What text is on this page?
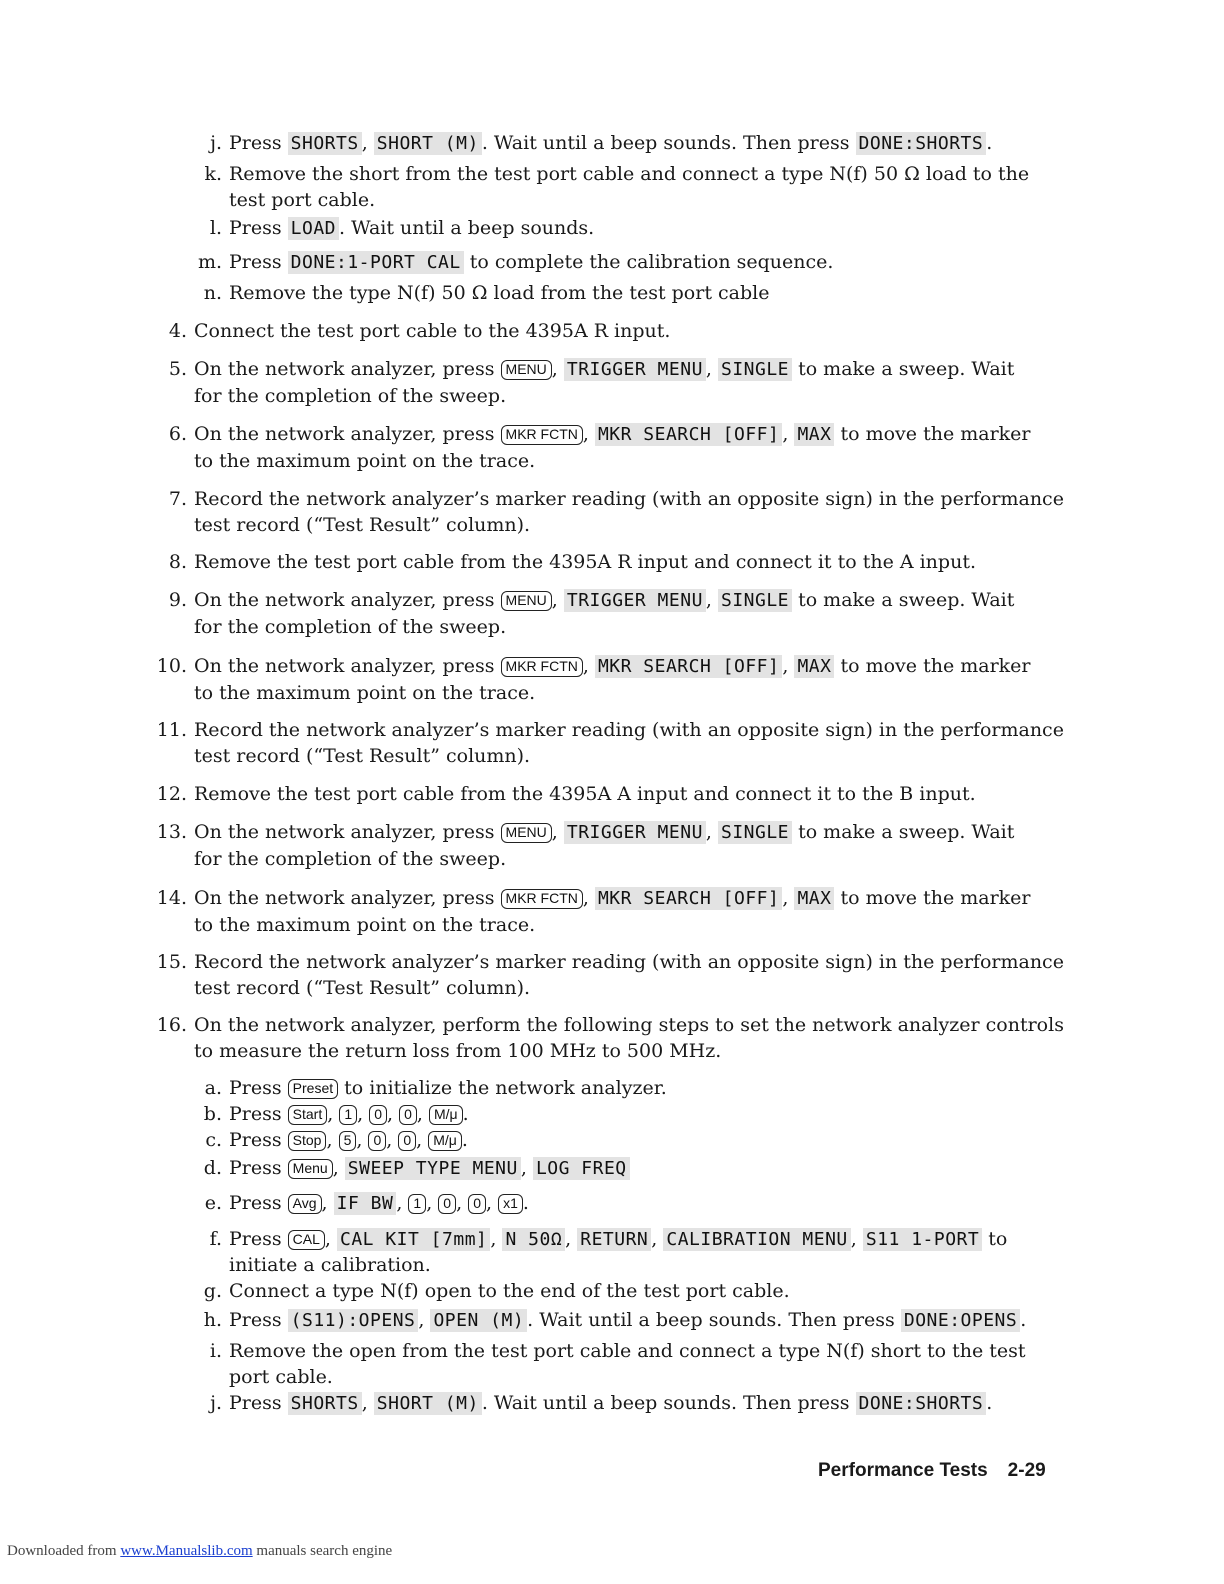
j. Press SHORTS , SHORT (M) . Wait until a beep sounds. Then press DONE:SHORTS .
k. Remove the short from the test port cable and connect a type N(f) 50 Ω load to the
test port cable.
l. Press LOAD . Wait until a beep sounds.
m. Press DONE:1-PORT CAL to complete the calibration sequence.
n. Remove the type N(f) 50 Ω load from the test port cable
4. Connect the test port cable to the 4395A R input.
5. On the network analyzer, press MENU , TRIGGER MENU , SINGLE to make a sweep. Wait
for the completion of the sweep.
6. On the network analyzer, press MKR FCTN , MKR SEARCH [OFF] , MAX to move the marker
to the maximum point on the trace.
7. Record the network analyzer’s marker reading (with an opposite sign) in the performance
test record (“Test Result” column).
8. Remove the test port cable from the 4395A R input and connect it to the A input.
9. On the network analyzer, press MENU , TRIGGER MENU , SINGLE to make a sweep. Wait
for the completion of the sweep.
10. On the network analyzer, press MKR FCTN , MKR SEARCH [OFF] , MAX to move the marker
to the maximum point on the trace.
11. Record the network analyzer’s marker reading (with an opposite sign) in the performance
test record (“Test Result” column).
12. Remove the test port cable from the 4395A A input and connect it to the B input.
13. On the network analyzer, press MENU , TRIGGER MENU , SINGLE to make a sweep. Wait
for the completion of the sweep.
14. On the network analyzer, press MKR FCTN , MKR SEARCH [OFF] , MAX to move the marker
to the maximum point on the trace.
15. Record the network analyzer’s marker reading (with an opposite sign) in the performance
test record (“Test Result” column).
16. On the network analyzer, perform the following steps to set the network analyzer controls
to measure the return loss from 100 MHz to 500 MHz.
a. Press Preset to initialize the network analyzer.
b. Press Start , 1 , 0 , 0 , M/μ .
c. Press Stop , 5 , 0 , 0 , M/μ .
d. Press Menu , SWEEP TYPE MENU , LOG FREQ
e. Press Avg , IF BW , 1 , 0 , 0 , x1 .
f. Press CAL , CAL KIT [7mm] , N 50Ω , RETURN , CALIBRATION MENU , S11 1-PORT to
initiate a calibration.
g. Connect a type N(f) open to the end of the test port cable.
h. Press (S11):OPENS , OPEN (M) . Wait until a beep sounds. Then press DONE:OPENS .
i. Remove the open from the test port cable and connect a type N(f) short to the test
port cable.
j. Press SHORTS , SHORT (M) . Wait until a beep sounds. Then press DONE:SHORTS .
Performance Tests 2-29
Downloaded from www.Manualslib.com manuals search engine
